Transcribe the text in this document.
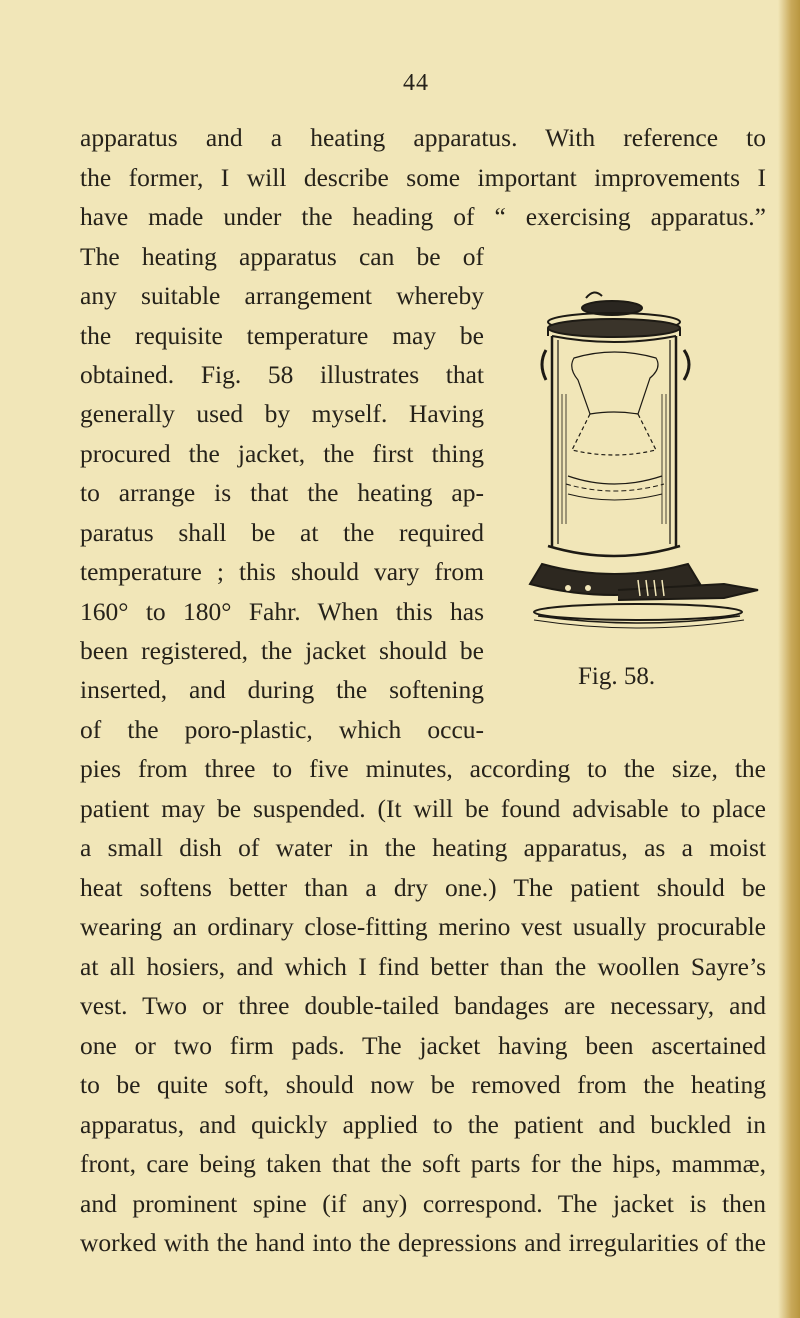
44
apparatus and a heating apparatus. With reference to
the former, I will describe some important improvements I
have made under the heading of “ exercising apparatus.”
The heating apparatus can be of
any suitable arrangement whereby
the requisite temperature may be
obtained. Fig. 58 illustrates that
generally used by myself. Having
procured the jacket, the first thing
to arrange is that the heating ap-
paratus shall be at the required
temperature ; this should vary from
160° to 180° Fahr. When this has
been registered, the jacket should be
inserted, and during the softening
of the poro-plastic, which occu-
pies from three to five minutes, according to the size, the
patient may be suspended. (It will be found advisable to place
a small dish of water in the heating apparatus, as a moist
heat softens better than a dry one.) The patient should be
wearing an ordinary close-fitting merino vest usually procurable
at all hosiers, and which I find better than the woollen Sayre’s
vest. Two or three double-tailed bandages are necessary, and
one or two firm pads. The jacket having been ascertained
to be quite soft, should now be removed from the heating
apparatus, and quickly applied to the patient and buckled in
front, care being taken that the soft parts for the hips, mammæ,
and prominent spine (if any) correspond. The jacket is then
worked with the hand into the depressions and irregularities of the
Fig. 58.
